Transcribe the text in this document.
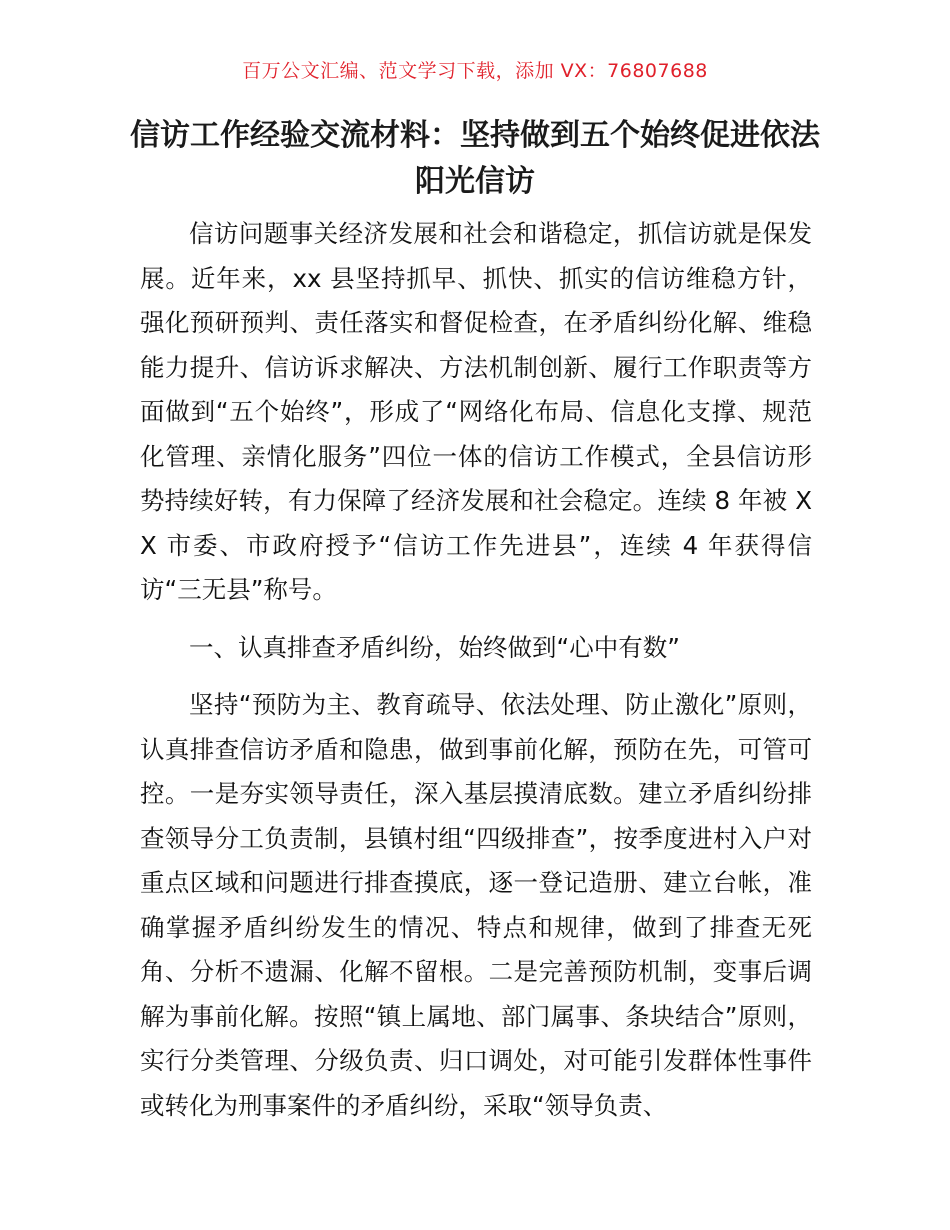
百万公文汇编、范文学习下载，添加 VX：76807688
信访工作经验交流材料：坚持做到五个始终促进依法阳光信访

信访问题事关经济发展和社会和谐稳定，抓信访就是保发展。近年来，xx 县坚持抓早、抓快、抓实的信访维稳方针，强化预研预判、责任落实和督促检查，在矛盾纠纷化解、维稳能力提升、信访诉求解决、方法机制创新、履行工作职责等方面做到“五个始终”，形成了“网络化布局、信息化支撑、规范化管理、亲情化服务”四位一体的信访工作模式，全县信访形势持续好转，有力保障了经济发展和社会稳定。连续 8 年被 XX 市委、市政府授予“信访工作先进县”，连续 4 年获得信访“三无县”称号。

一、认真排查矛盾纠纷，始终做到“心中有数”

坚持“预防为主、教育疏导、依法处理、防止激化”原则，认真排查信访矛盾和隐患，做到事前化解，预防在先，可管可控。一是夯实领导责任，深入基层摸清底数。建立矛盾纠纷排查领导分工负责制，县镇村组“四级排查”，按季度进村入户对重点区域和问题进行排查摸底，逐一登记造册、建立台帐，准确掌握矛盾纠纷发生的情况、特点和规律，做到了排查无死角、分析不遗漏、化解不留根。二是完善预防机制，变事后调解为事前化解。按照“镇上属地、部门属事、条块结合”原则，实行分类管理、分级负责、归口调处，对可能引发群体性事件或转化为刑事案件的矛盾纠纷，采取“领导负责、
